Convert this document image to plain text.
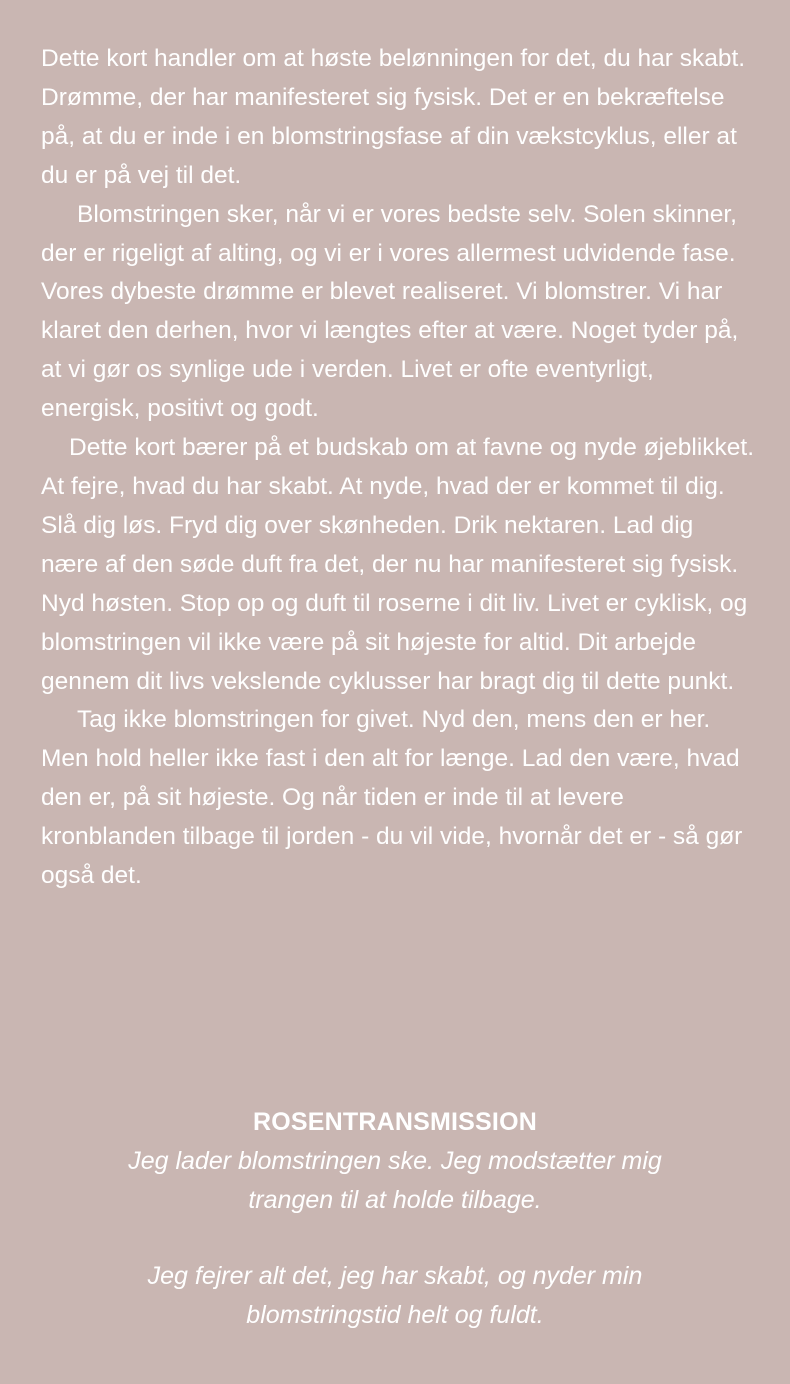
Dette kort handler om at høste belønningen for det, du har skabt. Drømme, der har manifesteret sig fysisk. Det er en bekræftelse på, at du er inde i en blomstringsfase af din vækstcyklus, eller at du er på vej til det.

Blomstringen sker, når vi er vores bedste selv. Solen skinner, der er rigeligt af alting, og vi er i vores allermest udvidende fase. Vores dybeste drømme er blevet realiseret. Vi blomstrer. Vi har klaret den derhen, hvor vi længtes efter at være. Noget tyder på, at vi gør os synlige ude i verden. Livet er ofte eventyrligt, energisk, positivt og godt.

Dette kort bærer på et budskab om at favne og nyde øjeblikket. At fejre, hvad du har skabt. At nyde, hvad der er kommet til dig. Slå dig løs. Fryd dig over skønheden. Drik nektaren. Lad dig nære af den søde duft fra det, der nu har manifesteret sig fysisk. Nyd høsten. Stop op og duft til roserne i dit liv. Livet er cyklisk, og blomstringen vil ikke være på sit højeste for altid. Dit arbejde gennem dit livs vekslende cyklusser har bragt dig til dette punkt.

Tag ikke blomstringen for givet. Nyd den, mens den er her. Men hold heller ikke fast i den alt for længe. Lad den være, hvad den er, på sit højeste. Og når tiden er inde til at levere kronblanden tilbage til jorden - du vil vide, hvornår det er - så gør også det.

ROSENTRANSMISSION

Jeg lader blomstringen ske. Jeg modstætter mig

trangen til at holde tilbage.

Jeg fejrer alt det, jeg har skabt, og nyder min

blomstringstid helt og fuldt.
